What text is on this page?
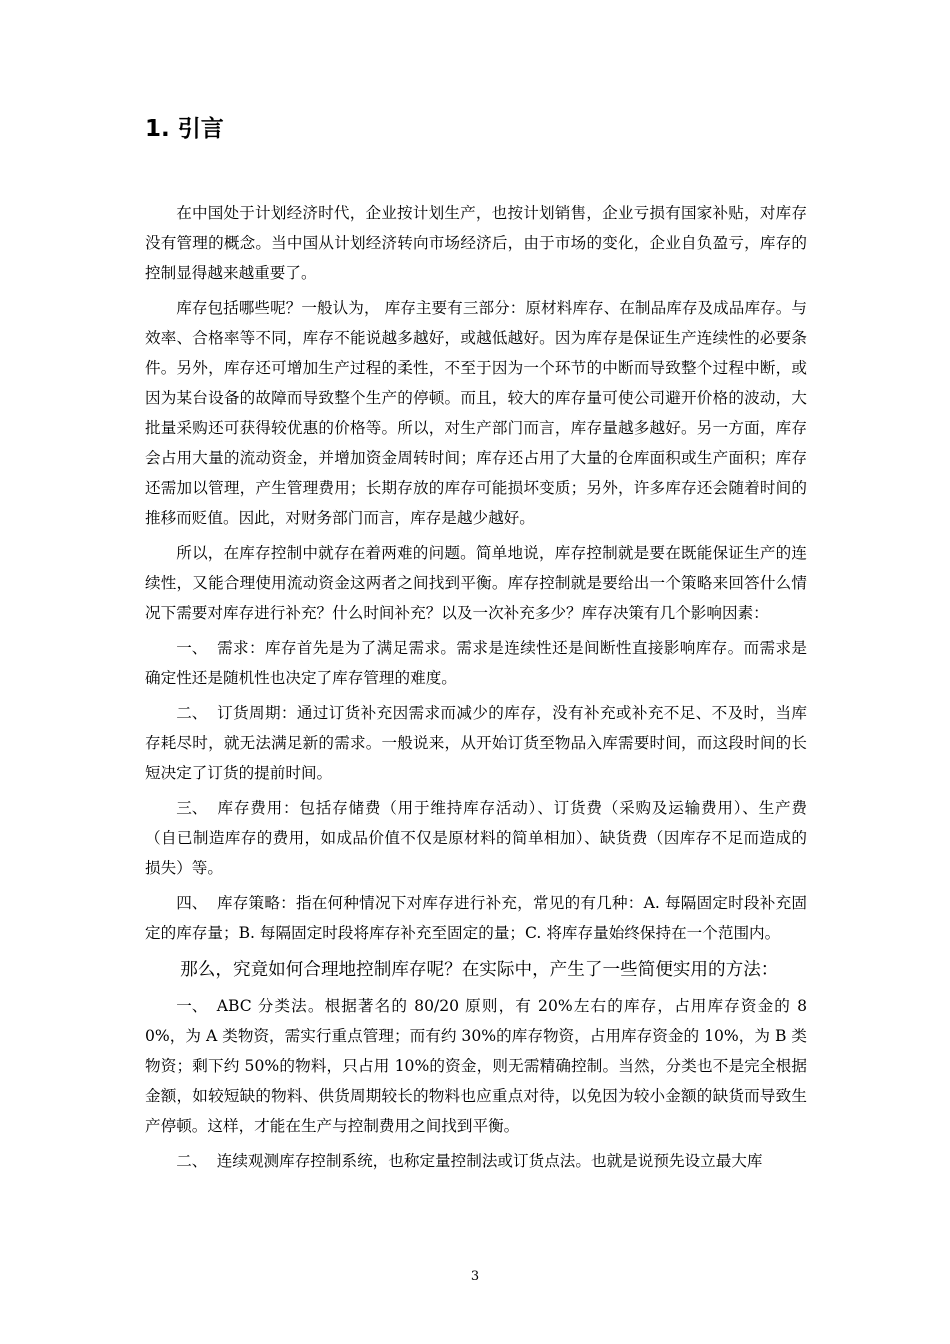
1. 引言

在中国处于计划经济时代，企业按计划生产，也按计划销售，企业亏损有国家补贴，对库存没有管理的概念。当中国从计划经济转向市场经济后，由于市场的变化，企业自负盈亏，库存的控制显得越来越重要了。

库存包括哪些呢？一般认为， 库存主要有三部分：原材料库存、在制品库存及成品库存。与效率、合格率等不同，库存不能说越多越好，或越低越好。因为库存是保证生产连续性的必要条件。另外，库存还可增加生产过程的柔性，不至于因为一个环节的中断而导致整个过程中断，或因为某台设备的故障而导致整个生产的停顿。而且，较大的库存量可使公司避开价格的波动，大批量采购还可获得较优惠的价格等。所以，对生产部门而言，库存量越多越好。另一方面，库存会占用大量的流动资金，并增加资金周转时间；库存还占用了大量的仓库面积或生产面积；库存还需加以管理，产生管理费用；长期存放的库存可能损坏变质；另外，许多库存还会随着时间的推移而贬值。因此，对财务部门而言，库存是越少越好。

所以，在库存控制中就存在着两难的问题。简单地说，库存控制就是要在既能保证生产的连续性，又能合理使用流动资金这两者之间找到平衡。库存控制就是要给出一个策略来回答什么情况下需要对库存进行补充？什么时间补充？以及一次补充多少？库存决策有几个影响因素：

一、 需求：库存首先是为了满足需求。需求是连续性还是间断性直接影响库存。而需求是确定性还是随机性也决定了库存管理的难度。

二、 订货周期：通过订货补充因需求而减少的库存，没有补充或补充不足、不及时，当库存耗尽时，就无法满足新的需求。一般说来，从开始订货至物品入库需要时间，而这段时间的长短决定了订货的提前时间。

三、 库存费用：包括存储费（用于维持库存活动）、订货费（采购及运输费用）、生产费（自已制造库存的费用，如成品价值不仅是原材料的简单相加）、缺货费（因库存不足而造成的损失）等。

四、 库存策略：指在何种情况下对库存进行补充，常见的有几种：A. 每隔固定时段补充固定的库存量；B. 每隔固定时段将库存补充至固定的量；C. 将库存量始终保持在一个范围内。

那么，究竟如何合理地控制库存呢？在实际中，产生了一些简便实用的方法：

一、 ABC 分类法。根据著名的 80/20 原则，有 20%左右的库存，占用库存资金的 80%，为 A 类物资，需实行重点管理；而有约 30%的库存物资，占用库存资金的 10%，为 B 类物资；剩下约 50%的物料，只占用 10%的资金，则无需精确控制。当然，分类也不是完全根据金额，如较短缺的物料、供货周期较长的物料也应重点对待，以免因为较小金额的缺货而导致生产停顿。这样，才能在生产与控制费用之间找到平衡。

二、 连续观测库存控制系统，也称定量控制法或订货点法。也就是说预先设立最大库

3
